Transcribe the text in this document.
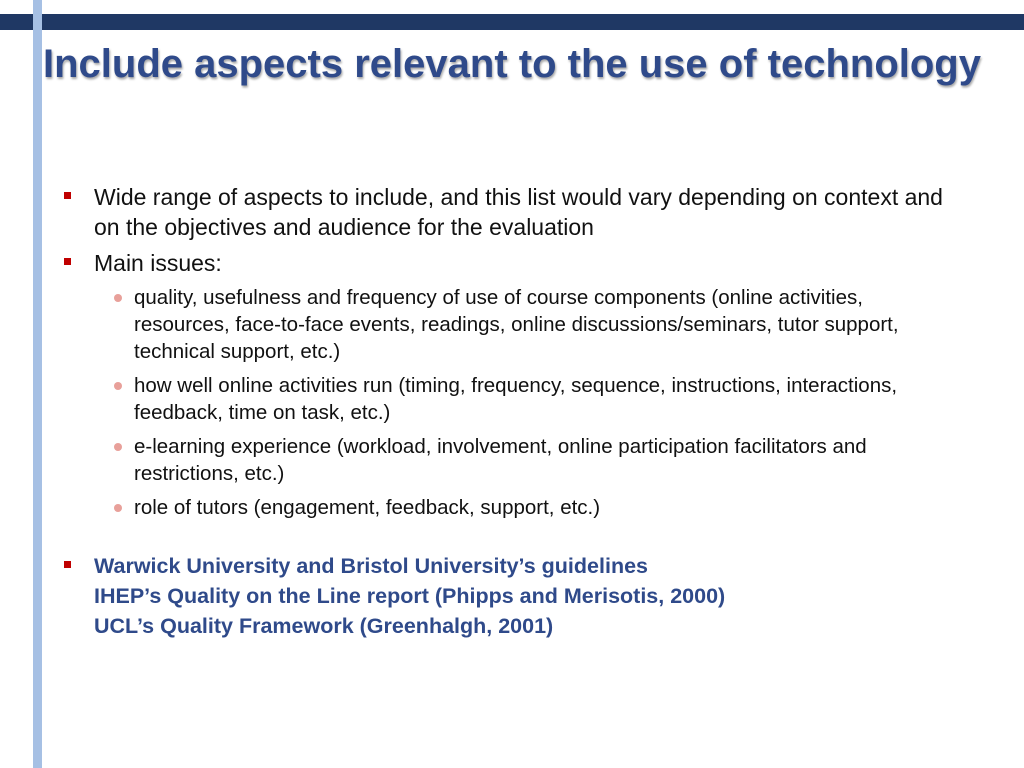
Include aspects relevant to the use of technology
Wide range of aspects to include, and this list would vary depending on context and on the objectives and audience for the evaluation
Main issues:
quality, usefulness and frequency of use of course components (online activities, resources, face-to-face events, readings, online discussions/seminars, tutor support, technical support, etc.)
how well online activities run (timing, frequency, sequence, instructions, interactions, feedback, time on task, etc.)
e-learning experience (workload, involvement, online participation facilitators and restrictions, etc.)
role of tutors (engagement, feedback, support, etc.)
Warwick University and Bristol University’s guidelines
IHEP’s Quality on the Line report (Phipps and Merisotis, 2000)
UCL’s Quality Framework (Greenhalgh, 2001)
